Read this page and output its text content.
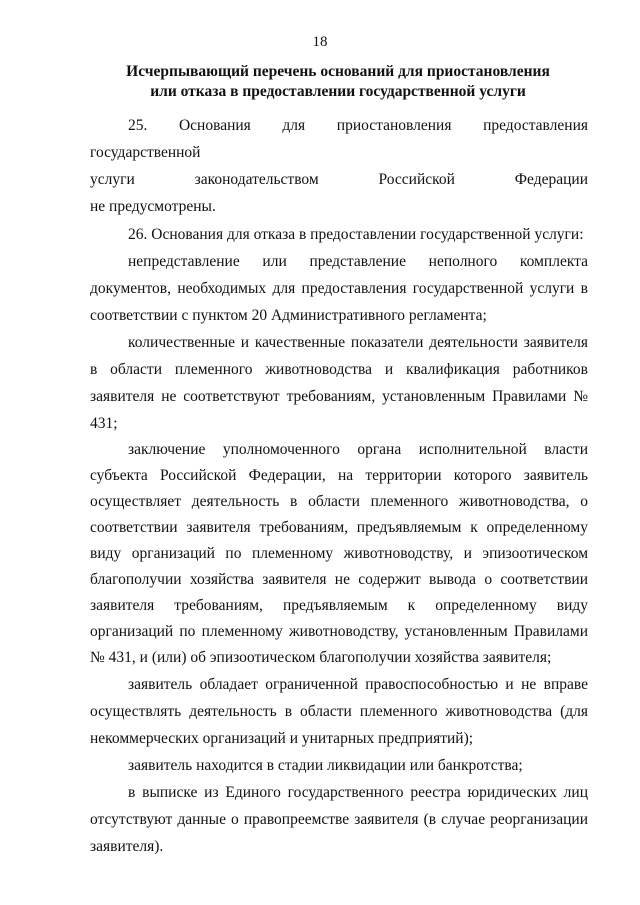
18
Исчерпывающий перечень оснований для приостановления
или отказа в предоставлении государственной услуги

25. Основания для приостановления предоставления государственной

услуги	законодательством	Российской	Федерации

не предусмотрены.

26. Основания для отказа в предоставлении государственной услуги:

непредставление или представление неполного комплекта документов, необходимых для предоставления государственной услуги в соответствии с пунктом 20 Административного регламента;

количественные и качественные показатели деятельности заявителя в области племенного животноводства и квалификация работников заявителя не соответствуют требованиям, установленным Правилами № 431;

заключение уполномоченного органа исполнительной власти субъекта Российской Федерации, на территории которого заявитель осуществляет деятельность в области племенного животноводства, о соответствии заявителя требованиям, предъявляемым к определенному виду организаций по племенному животноводству, и эпизоотическом благополучии хозяйства заявителя не содержит вывода о соответствии заявителя требованиям, предъявляемым к определенному виду организаций по племенному животноводству, установленным Правилами № 431, и (или) об эпизоотическом благополучии хозяйства заявителя;

заявитель обладает ограниченной правоспособностью и не вправе осуществлять деятельность в области племенного животноводства (для некоммерческих организаций и унитарных предприятий);

заявитель находится в стадии ликвидации или банкротства;

в выписке из Единого государственного реестра юридических лиц отсутствуют данные о правопреемстве заявителя (в случае реорганизации заявителя).
